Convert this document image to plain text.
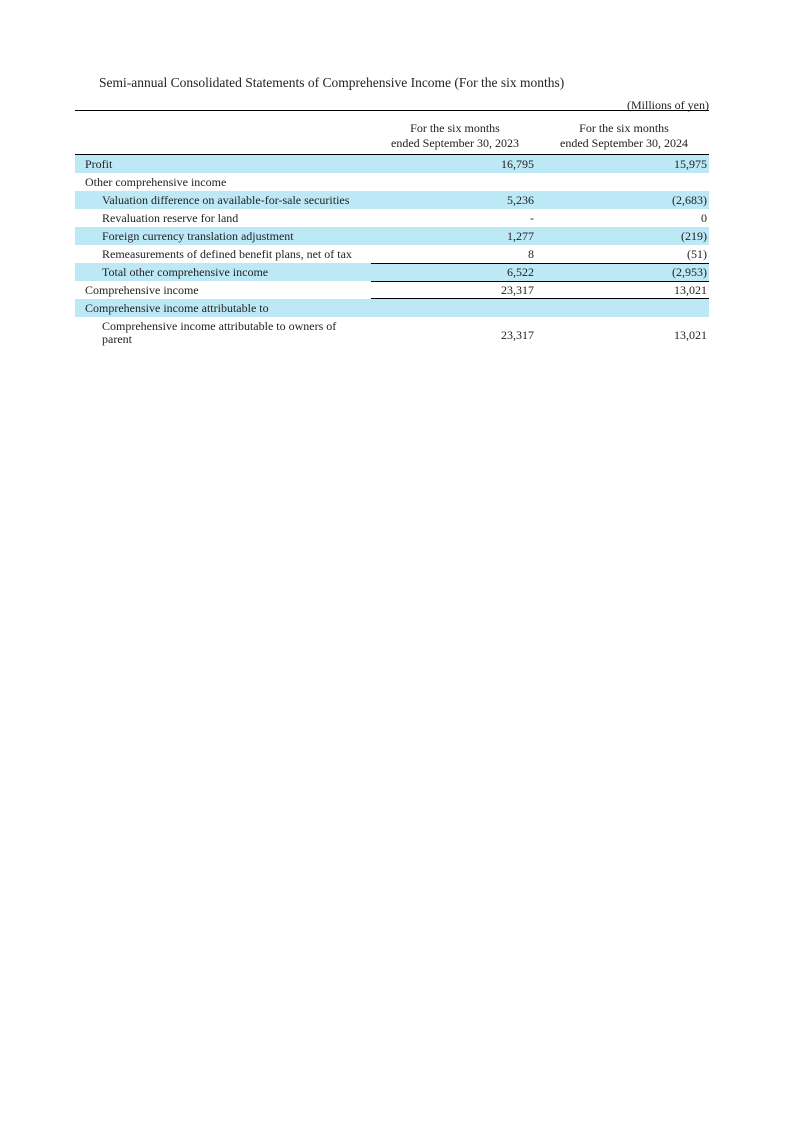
Semi-annual Consolidated Statements of Comprehensive Income (For the six months)
(Millions of yen)
For the six months
ended September 30, 2023
For the six months
ended September 30, 2024
Profit	16,795	15,975
Other comprehensive income
Valuation difference on available-for-sale securities	5,236	(2,683)
Revaluation reserve for land	-	0
Foreign currency translation adjustment	1,277	(219)
Remeasurements of defined benefit plans, net of tax	8	(51)
Total other comprehensive income	6,522	(2,953)
Comprehensive income	23,317	13,021
Comprehensive income attributable to
Comprehensive income attributable to owners of parent	23,317	13,021
